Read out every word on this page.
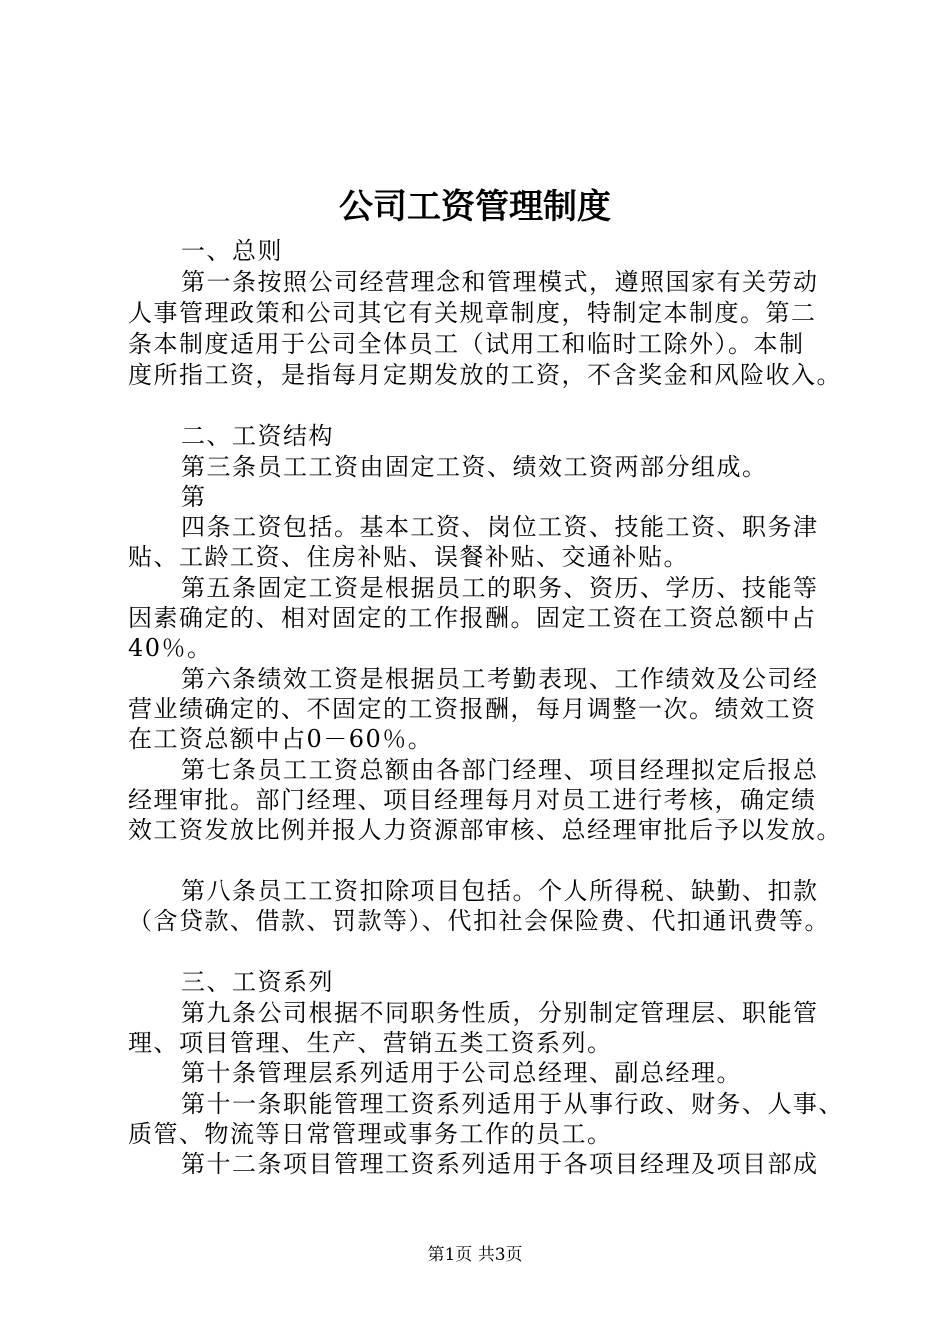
公司工资管理制度
一、总则
第一条按照公司经营理念和管理模式，遵照国家有关劳动
人事管理政策和公司其它有关规章制度，特制定本制度。第二
条本制度适用于公司全体员工（试用工和临时工除外）。本制
度所指工资，是指每月定期发放的工资，不含奖金和风险收入。
二、工资结构
第三条员工工资由固定工资、绩效工资两部分组成。
第
四条工资包括。基本工资、岗位工资、技能工资、职务津
贴、工龄工资、住房补贴、误餐补贴、交通补贴。
第五条固定工资是根据员工的职务、资历、学历、技能等
因素确定的、相对固定的工作报酬。固定工资在工资总额中占
40％。
第六条绩效工资是根据员工考勤表现、工作绩效及公司经
营业绩确定的、不固定的工资报酬，每月调整一次。绩效工资
在工资总额中占0－60％。
第七条员工工资总额由各部门经理、项目经理拟定后报总
经理审批。部门经理、项目经理每月对员工进行考核，确定绩
效工资发放比例并报人力资源部审核、总经理审批后予以发放。
第八条员工工资扣除项目包括。个人所得税、缺勤、扣款
（含贷款、借款、罚款等）、代扣社会保险费、代扣通讯费等。
三、工资系列
第九条公司根据不同职务性质，分别制定管理层、职能管
理、项目管理、生产、营销五类工资系列。
第十条管理层系列适用于公司总经理、副总经理。
第十一条职能管理工资系列适用于从事行政、财务、人事、
质管、物流等日常管理或事务工作的员工。
第十二条项目管理工资系列适用于各项目经理及项目部成
第1页 共3页
